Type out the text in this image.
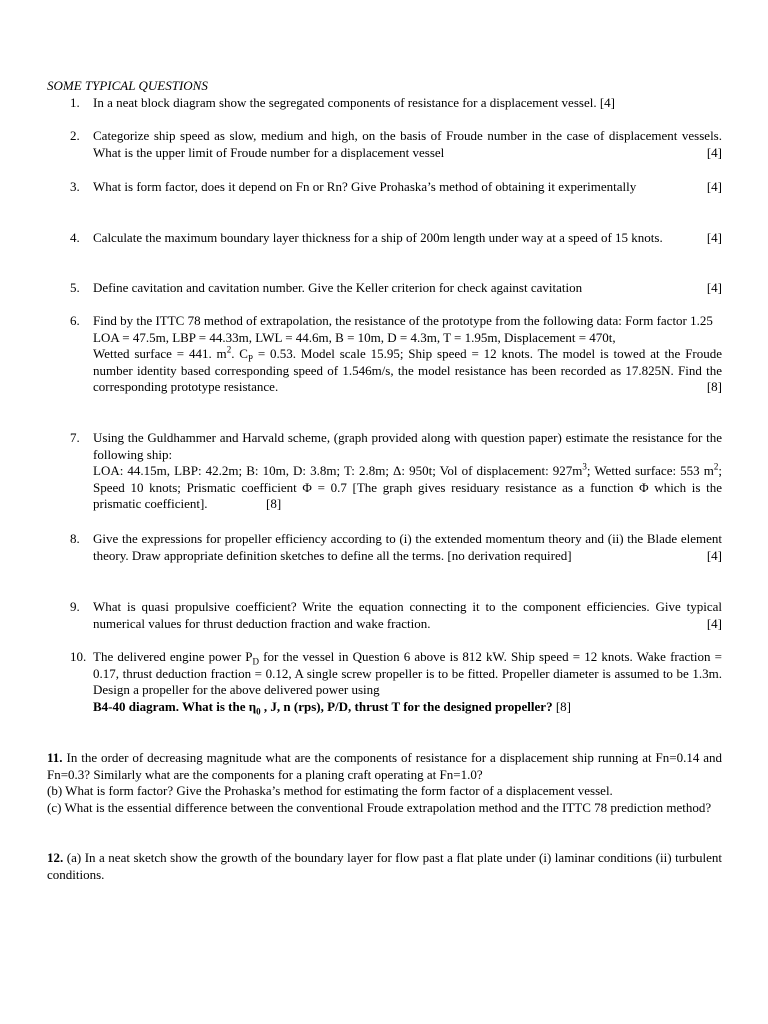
SOME TYPICAL QUESTIONS
1. In a neat block diagram show the segregated components of resistance for a displacement vessel. [4]
2. Categorize ship speed as slow, medium and high, on the basis of Froude number in the case of displacement vessels. What is the upper limit of Froude number for a displacement vessel	[4]
3. What is form factor, does it depend on Fn or Rn? Give Prohaska’s method of obtaining it experimentally	[4]
4. Calculate the maximum boundary layer thickness for a ship of 200m length under way at a speed of 15 knots.	[4]
5. Define cavitation and cavitation number. Give the Keller criterion for check against cavitation	[4]
6. Find by the ITTC 78 method of extrapolation, the resistance of the prototype from the following data: Form factor 1.25
LOA = 47.5m, LBP = 44.33m, LWL = 44.6m, B = 10m, D = 4.3m, T = 1.95m, Displacement = 470t,
Wetted surface = 441. $m^2$. $C_P = 0.53$. Model scale 15.95; Ship speed = 12 knots. The model is towed at the Froude number identity based corresponding speed of 1.546m/s, the model resistance has been recorded as 17.825N. Find the corresponding prototype resistance.	[8]
7. Using the Guldhammer and Harvald scheme, (graph provided along with question paper) estimate the resistance for the following ship:
LOA: 44.15m, LBP: 42.2m; B: 10m, D: 3.8m; T: 2.8m; Δ: 950t; Vol of displacement: $927m^3$; Wetted surface: 553 $m^2$; Speed 10 knots; Prismatic coefficient Φ = 0.7 [The graph gives residuary resistance as a function Φ which is the prismatic coefficient].	[8]
8. Give the expressions for propeller efficiency according to (i) the extended momentum theory and (ii) the Blade element theory. Draw appropriate definition sketches to define all the terms. [no derivation required]	[4]
9. What is quasi propulsive coefficient? Write the equation connecting it to the component efficiencies. Give typical numerical values for thrust deduction fraction and wake fraction.	[4]
10. The delivered engine power $P_D$ for the vessel in Question 6 above is 812 kW. Ship speed = 12 knots. Wake fraction = 0.17, thrust deduction fraction = 0.12, A single screw propeller is to be fitted. Propeller diameter is assumed to be 1.3m. Design a propeller for the above delivered power using
B4-40 diagram. What is the $\eta_0$ , J, n (rps), P/D, thrust T for the designed propeller? [8]
11. In the order of decreasing magnitude what are the components of resistance for a displacement ship running at Fn=0.14 and Fn=0.3? Similarly what are the components for a planing craft operating at Fn=1.0?
(b) What is form factor? Give the Prohaska’s method for estimating the form factor of a displacement vessel.
(c) What is the essential difference between the conventional Froude extrapolation method and the ITTC 78 prediction method?
12. (a) In a neat sketch show the growth of the boundary layer for flow past a flat plate under (i) laminar conditions (ii) turbulent conditions.
